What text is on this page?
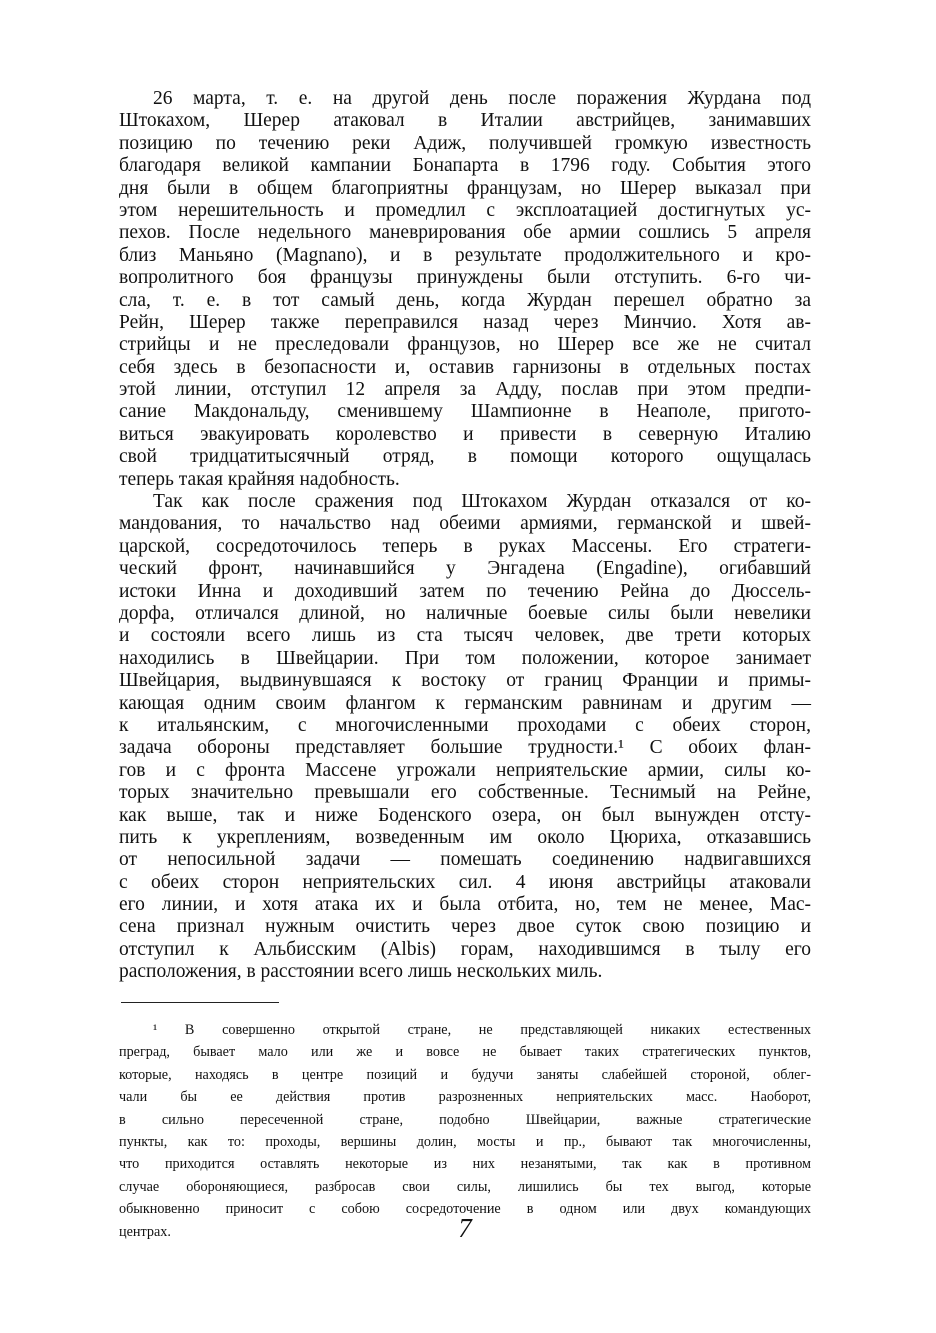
26 марта, т. е. на другой день после поражения Журдана под
Штокахом, Шерер атаковал в Италии австрийцев, занимавших
позицию по течению реки Адиж, получившей громкую известность
благодаря великой кампании Бонапарта в 1796 году. События этого
дня были в общем благоприятны французам, но Шерер выказал при
этом нерешительность и промедлил с эксплоатацией достигнутых ус-
пехов. После недельного маневрирования обе армии сошлись 5 апреля
близ Маньяно (Magnano), и в результате продолжительного и кро-
вопролитного боя французы принуждены были отступить. 6-го чи-
сла, т. е. в тот самый день, когда Журдан перешел обратно за
Рейн, Шерер также переправился назад через Минчио. Хотя ав-
стрийцы и не преследовали французов, но Шерер все же не считал
себя здесь в безопасности и, оставив гарнизоны в отдельных постах
этой линии, отступил 12 апреля за Адду, послав при этом предпи-
сание Макдональду, сменившему Шампионне в Неаполе, пригото-
виться эвакуировать королевство и привести в северную Италию
свой тридцатитысячный отряд, в помощи которого ощущалась
теперь такая крайняя надобность.
Так как после сражения под Штокахом Журдан отказался от ко-
мандования, то начальство над обеими армиями, германской и швей-
царской, сосредоточилось теперь в руках Массены. Его стратеги-
ческий фронт, начинавшийся у Энгадена (Engadine), огибавший
истоки Инна и доходивший затем по течению Рейна до Дюссель-
дорфа, отличался длиной, но наличные боевые силы были невелики
и состояли всего лишь из ста тысяч человек, две трети которых
находились в Швейцарии. При том положении, которое занимает
Швейцария, выдвинувшаяся к востоку от границ Франции и примы-
кающая одним своим флангом к германским равнинам и другим —
к итальянским, с многочисленными проходами с обеих сторон,
задача обороны представляет большие трудности.¹ С обоих флан-
гов и с фронта Массене угрожали неприятельские армии, силы ко-
торых значительно превышали его собственные. Теснимый на Рейне,
как выше, так и ниже Боденского озера, он был вынужден отсту-
пить к укреплениям, возведенным им около Цюриха, отказавшись
от непосильной задачи — помешать соединению надвигавшихся
с обеих сторон неприятельских сил. 4 июня австрийцы атаковали
его линии, и хотя атака их и была отбита, но, тем не менее, Мас-
сена признал нужным очистить через двое суток свою позицию и
отступил к Альбисским (Albis) горам, находившимся в тылу его
расположения, в расстоянии всего лишь нескольких миль.
¹ В совершенно открытой стране, не представляющей никаких естественных
преград, бывает мало или же и вовсе не бывает таких стратегических пунктов,
которые, находясь в центре позиций и будучи заняты слабейшей стороной, облег-
чали бы ее действия против разрозненных неприятельских масс. Наоборот,
в сильно пересеченной стране, подобно Швейцарии, важные стратегические
пункты, как то: проходы, вершины долин, мосты и пр., бывают так многочисленны,
что приходится оставлять некоторые из них незанятыми, так как в противном
случае обороняющиеся, разбросав свои силы, лишились бы тех выгод, которые
обыкновенно приносит с собою сосредоточение в одном или двух командующих
центрах.	7
